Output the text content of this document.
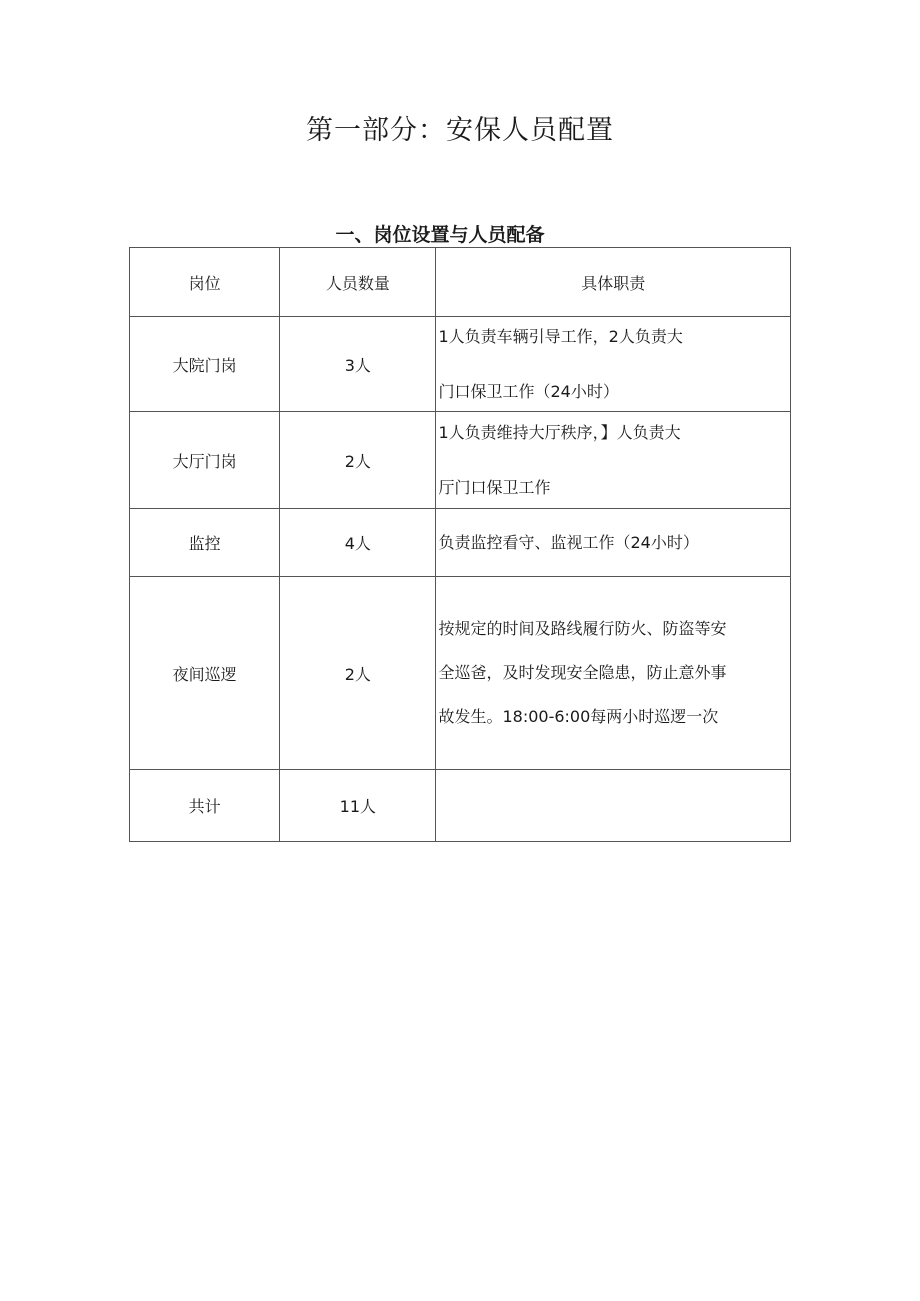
第一部分：安保人员配置
一、岗位设置与人员配备
岗位	人员数量	具体职责
大院门岗	3人	1人负责车辆引导工作，2人负责大
门口保卫工作（24小时）

大厅门岗	2人	1人负责维持大厅秩序，】人负责大
厅门口保卫工作

监控	4人	负责监控看守、监视工作（24小时）

夜间巡逻	2人	按规定的时间及路线履行防火、防盗等安
全巡爸，及时发现安全隐患，防止意外事
故发生。18:00-6:00每两小时巡逻一次

共计	11人	
